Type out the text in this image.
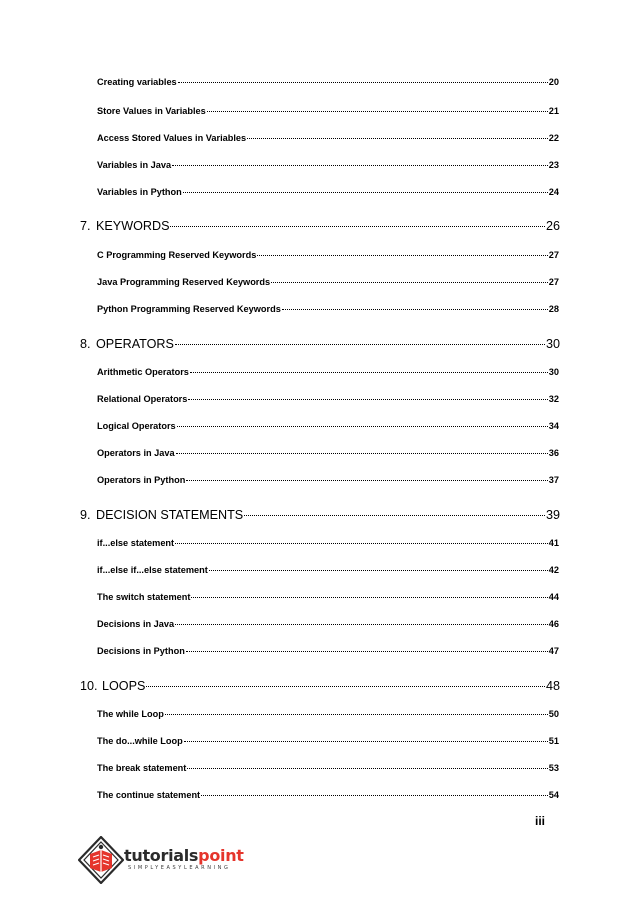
Creating variables	20
Store Values in Variables	21
Access Stored Values in Variables	22
Variables in Java	23
Variables in Python	24
7. KEYWORDS	26
C Programming Reserved Keywords	27
Java Programming Reserved Keywords	27
Python Programming Reserved Keywords	28
8. OPERATORS	30
Arithmetic Operators	30
Relational Operators	32
Logical Operators	34
Operators in Java	36
Operators in Python	37
9. DECISION STATEMENTS	39
if...else statement	41
if...else if...else statement	42
The switch statement	44
Decisions in Java	46
Decisions in Python	47
10. LOOPS	48
The while Loop	50
The do...while Loop	51
The break statement	53
The continue statement	54
iii
tutorialspoint
SIMPLYEASYLEARNING
